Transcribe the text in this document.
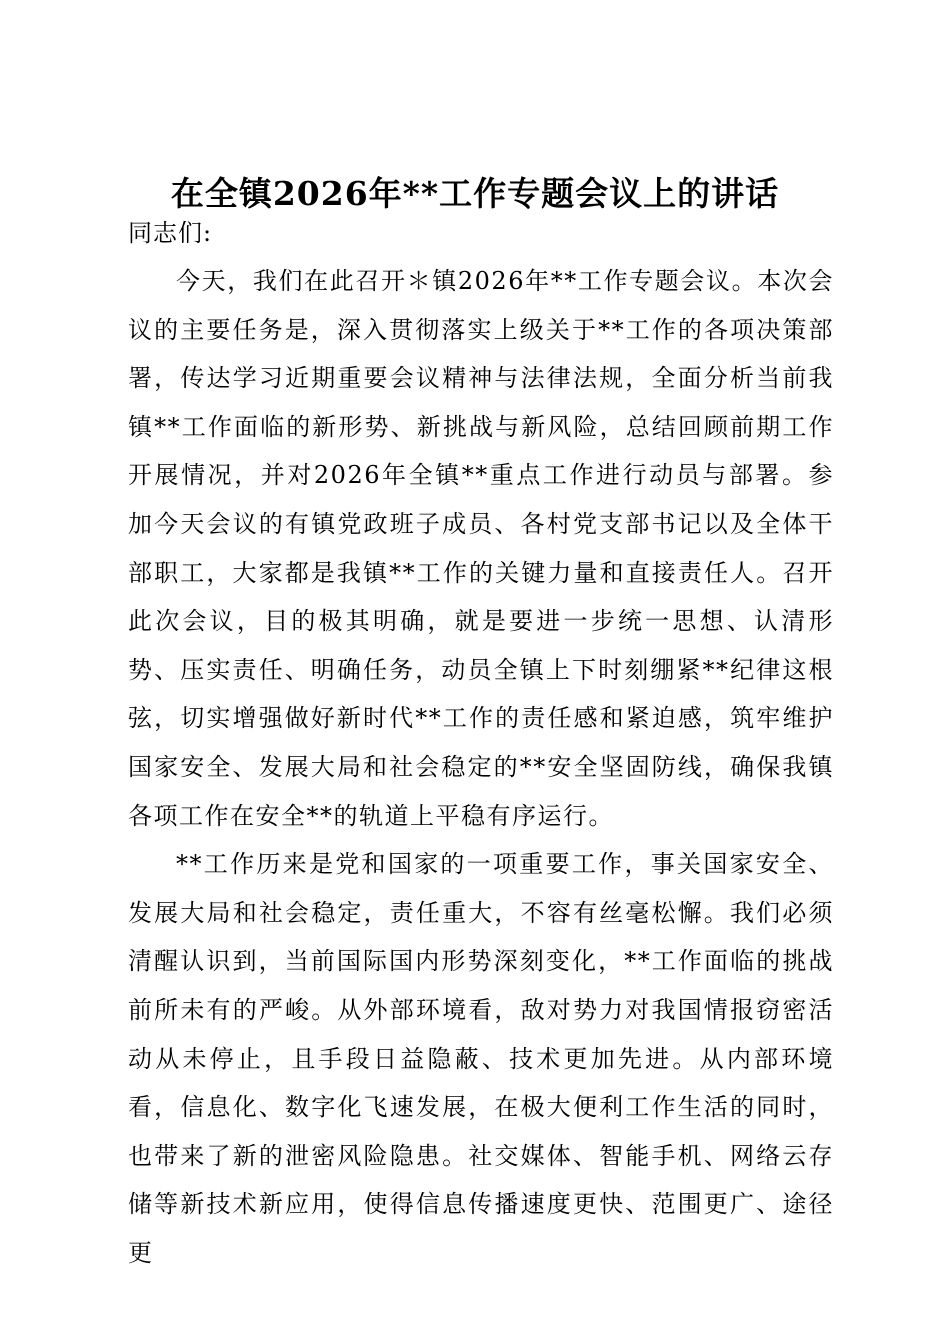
在全镇2026年**工作专题会议上的讲话

同志们:

今天，我们在此召开＊镇2026年**工作专题会议。本次会议的主要任务是，深入贯彻落实上级关于**工作的各项决策部署，传达学习近期重要会议精神与法律法规，全面分析当前我镇**工作面临的新形势、新挑战与新风险，总结回顾前期工作开展情况，并对2026年全镇**重点工作进行动员与部署。参加今天会议的有镇党政班子成员、各村党支部书记以及全体干部职工，大家都是我镇**工作的关键力量和直接责任人。召开此次会议，目的极其明确，就是要进一步统一思想、认清形势、压实责任、明确任务，动员全镇上下时刻绷紧**纪律这根弦，切实增强做好新时代**工作的责任感和紧迫感，筑牢维护国家安全、发展大局和社会稳定的**安全坚固防线，确保我镇各项工作在安全**的轨道上平稳有序运行。

**工作历来是党和国家的一项重要工作，事关国家安全、发展大局和社会稳定，责任重大，不容有丝毫松懈。我们必须清醒认识到，当前国际国内形势深刻变化，**工作面临的挑战前所未有的严峻。从外部环境看，敌对势力对我国情报窃密活动从未停止，且手段日益隐蔽、技术更加先进。从内部环境看，信息化、数字化飞速发展，在极大便利工作生活的同时，也带来了新的泄密风险隐患。社交媒体、智能手机、网络云存储等新技术新应用，使得信息传播速度更快、范围更广、途径更
